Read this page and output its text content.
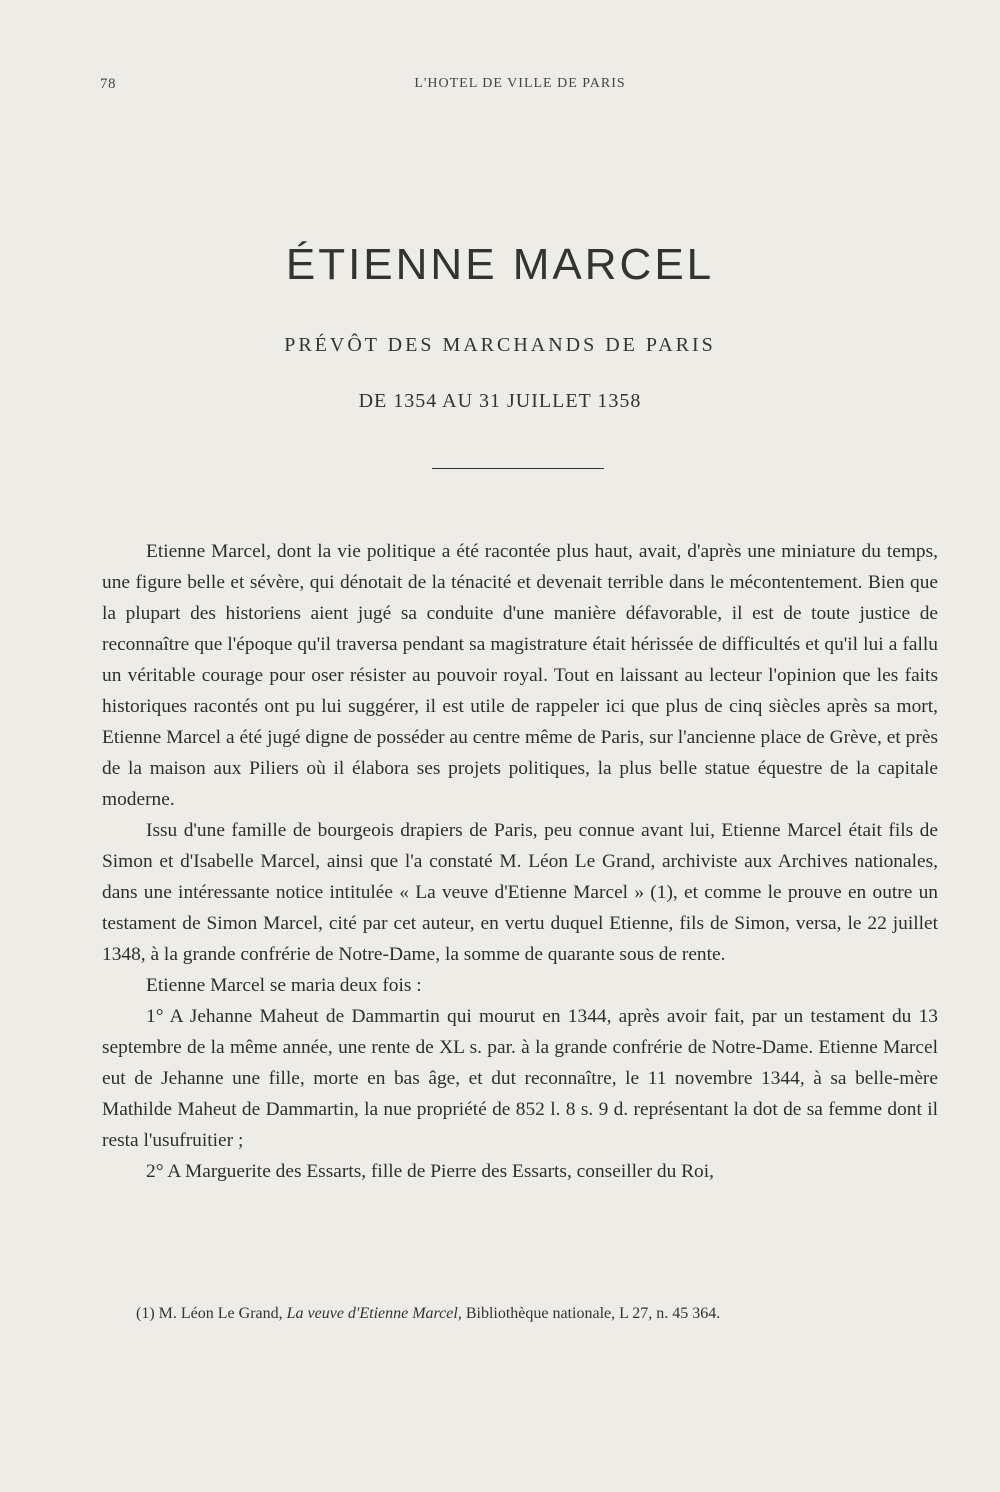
78	L'HOTEL DE VILLE DE PARIS
ÉTIENNE MARCEL
PRÉVÔT DES MARCHANDS DE PARIS
DE 1354 AU 31 JUILLET 1358

Etienne Marcel, dont la vie politique a été racontée plus haut, avait, d'après une miniature du temps, une figure belle et sévère, qui dénotait de la ténacité et devenait terrible dans le mécontentement. Bien que la plupart des historiens aient jugé sa conduite d'une manière défavorable, il est de toute justice de reconnaître que l'époque qu'il traversa pendant sa magistrature était hérissée de difficultés et qu'il lui a fallu un véritable courage pour oser résister au pouvoir royal. Tout en laissant au lecteur l'opinion que les faits historiques racontés ont pu lui suggérer, il est utile de rappeler ici que plus de cinq siècles après sa mort, Etienne Marcel a été jugé digne de posséder au centre même de Paris, sur l'ancienne place de Grève, et près de la maison aux Piliers où il élabora ses projets politiques, la plus belle statue équestre de la capitale moderne.

Issu d'une famille de bourgeois drapiers de Paris, peu connue avant lui, Etienne Marcel était fils de Simon et d'Isabelle Marcel, ainsi que l'a constaté M. Léon Le Grand, archiviste aux Archives nationales, dans une intéressante notice intitulée « La veuve d'Etienne Marcel » (1), et comme le prouve en outre un testament de Simon Marcel, cité par cet auteur, en vertu duquel Etienne, fils de Simon, versa, le 22 juillet 1348, à la grande confrérie de Notre-Dame, la somme de quarante sous de rente.

Etienne Marcel se maria deux fois :

1° A Jehanne Maheut de Dammartin qui mourut en 1344, après avoir fait, par un testament du 13 septembre de la même année, une rente de XL s. par. à la grande confrérie de Notre-Dame. Etienne Marcel eut de Jehanne une fille, morte en bas âge, et dut reconnaître, le 11 novembre 1344, à sa belle-mère Mathilde Maheut de Dammartin, la nue propriété de 852 l. 8 s. 9 d. représentant la dot de sa femme dont il resta l'usufruitier ;

2° A Marguerite des Essarts, fille de Pierre des Essarts, conseiller du Roi,

(1) M. Léon Le Grand, La veuve d'Etienne Marcel, Bibliothèque nationale, L 27, n. 45 364.
